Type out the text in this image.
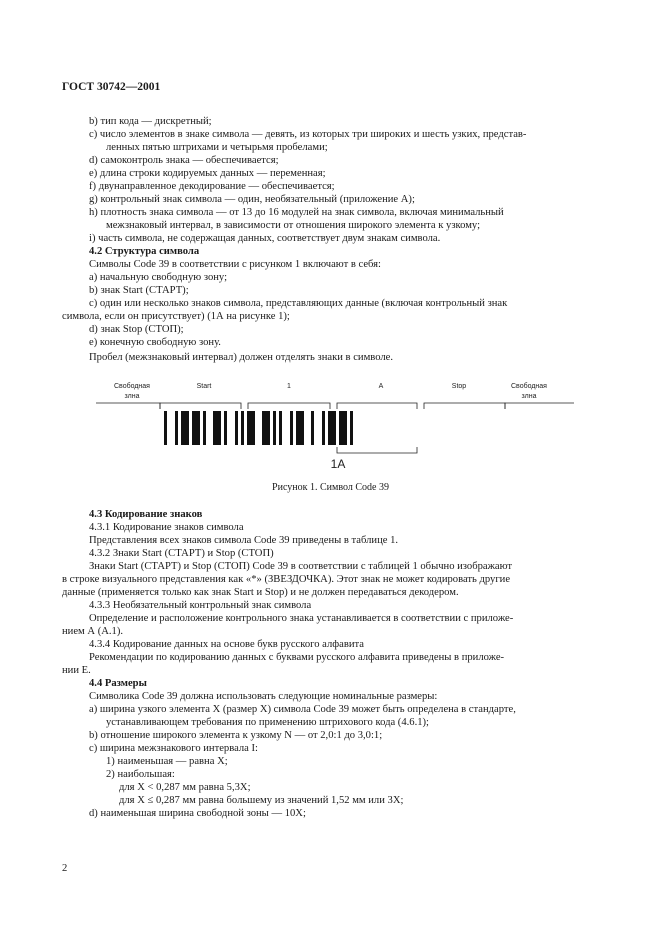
ГОСТ 30742—2001
b) тип кода — дискретный;
c) число элементов в знаке символа — девять, из которых три широких и шесть узких, представ-
ленных пятью штрихами и четырьмя пробелами;
d) самоконтроль знака — обеспечивается;
e) длина строки кодируемых данных — переменная;
f) двунаправленное декодирование — обеспечивается;
g) контрольный знак символа — один, необязательный (приложение А);
h) плотность знака символа — от 13 до 16 модулей на знак символа, включая минимальный
межзнаковый интервал, в зависимости от отношения широкого элемента к узкому;
i) часть символа, не содержащая данных, соответствует двум знакам символа.
4.2 Структура символа
Символы Code 39 в соответствии с рисунком 1 включают в себя:
a) начальную свободную зону;
b) знак Start (СТАРТ);
c) один или несколько знаков символа, представляющих данные (включая контрольный знак
символа, если он присутствует) (1А на рисунке 1);
d) знак Stop (СТОП);
e) конечную свободную зону.
Пробел (межзнаковый интервал) должен отделять знаки в символе.
Свободная
злна
Start	1	A	Stop	Свободная
злна
1A
Рисунок 1. Символ Code 39
4.3 Кодирование знаков
4.3.1 Кодирование знаков символа
Представления всех знаков символа Code 39 приведены в таблице 1.
4.3.2 Знаки Start (СТАРТ) и Stop (СТОП)
Знаки Start (СТАРТ) и Stop (СТОП) Code 39 в соответствии с таблицей 1 обычно изображают
в строке визуального представления как «*» (ЗВЕЗДОЧКА). Этот знак не может кодировать другие
данные (применяется только как знак Start и Stop) и не должен передаваться декодером.
4.3.3 Необязательный контрольный знак символа
Определение и расположение контрольного знака устанавливается в соответствии с приложе-
нием А (А.1).
4.3.4 Кодирование данных на основе букв русского алфавита
Рекомендации по кодированию данных с буквами русского алфавита приведены в приложе-
нии Е.
4.4 Размеры
Символика Code 39 должна использовать следующие номинальные размеры:
a) ширина узкого элемента X (размер X) символа Code 39 может быть определена в стандарте,
устанавливающем требования по применению штрихового кода (4.6.1);
b) отношение широкого элемента к узкому N — от 2,0:1 до 3,0:1;
c) ширина межзнакового интервала I:
1) наименьшая — равна X;
2) наибольшая:
для X < 0,287 мм равна 5,3X;
для X ≤ 0,287 мм равна большему из значений 1,52 мм или 3X;
d) наименьшая ширина свободной зоны — 10X;
2
